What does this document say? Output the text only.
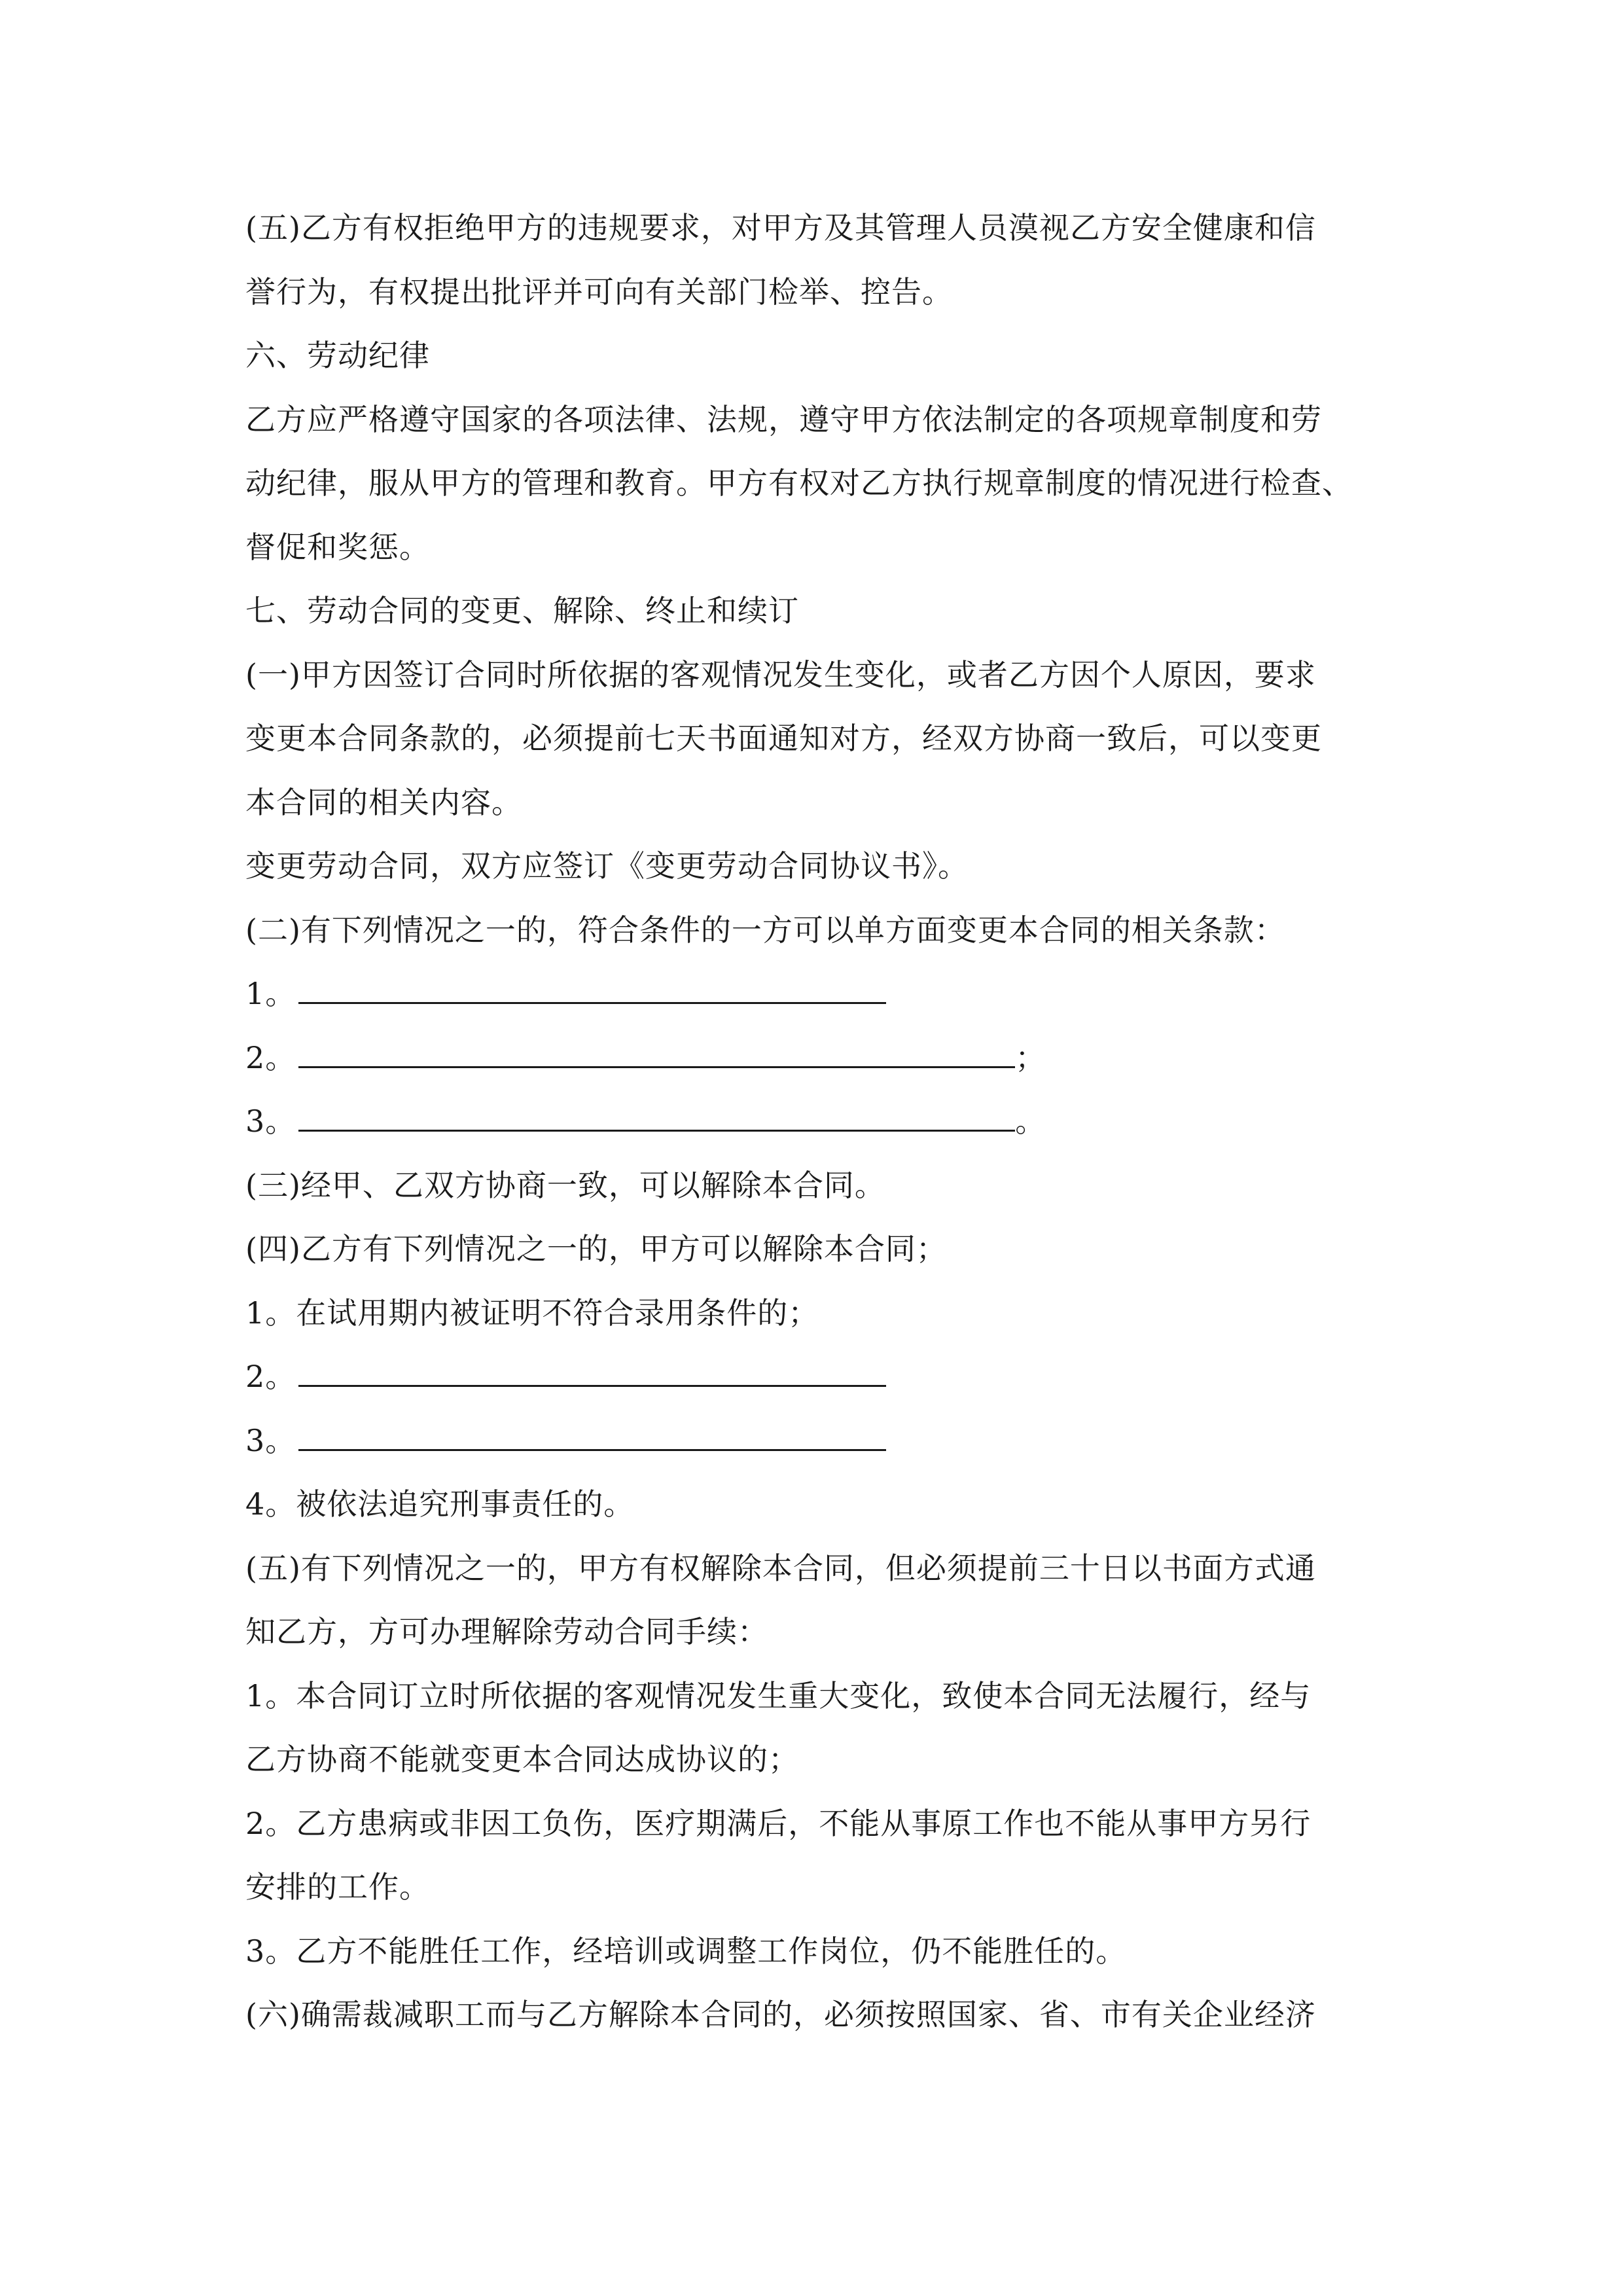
(五)乙方有权拒绝甲方的违规要求，对甲方及其管理人员漠视乙方安全健康和信
誉行为，有权提出批评并可向有关部门检举、控告。
六、劳动纪律
乙方应严格遵守国家的各项法律、法规，遵守甲方依法制定的各项规章制度和劳
动纪律，服从甲方的管理和教育。甲方有权对乙方执行规章制度的情况进行检查、
督促和奖惩。
七、劳动合同的变更、解除、终止和续订
(一)甲方因签订合同时所依据的客观情况发生变化，或者乙方因个人原因，要求
变更本合同条款的，必须提前七天书面通知对方，经双方协商一致后，可以变更
本合同的相关内容。
变更劳动合同，双方应签订《变更劳动合同协议书》。
(二)有下列情况之一的，符合条件的一方可以单方面变更本合同的相关条款：
1。
2。	；
3。	。
(三)经甲、乙双方协商一致，可以解除本合同。
(四)乙方有下列情况之一的，甲方可以解除本合同；
1。在试用期内被证明不符合录用条件的；
2。
3。
4。被依法追究刑事责任的。
(五)有下列情况之一的，甲方有权解除本合同，但必须提前三十日以书面方式通
知乙方，方可办理解除劳动合同手续：
1。本合同订立时所依据的客观情况发生重大变化，致使本合同无法履行，经与
乙方协商不能就变更本合同达成协议的；
2。乙方患病或非因工负伤，医疗期满后，不能从事原工作也不能从事甲方另行
安排的工作。
3。乙方不能胜任工作，经培训或调整工作岗位，仍不能胜任的。
(六)确需裁减职工而与乙方解除本合同的，必须按照国家、省、市有关企业经济
